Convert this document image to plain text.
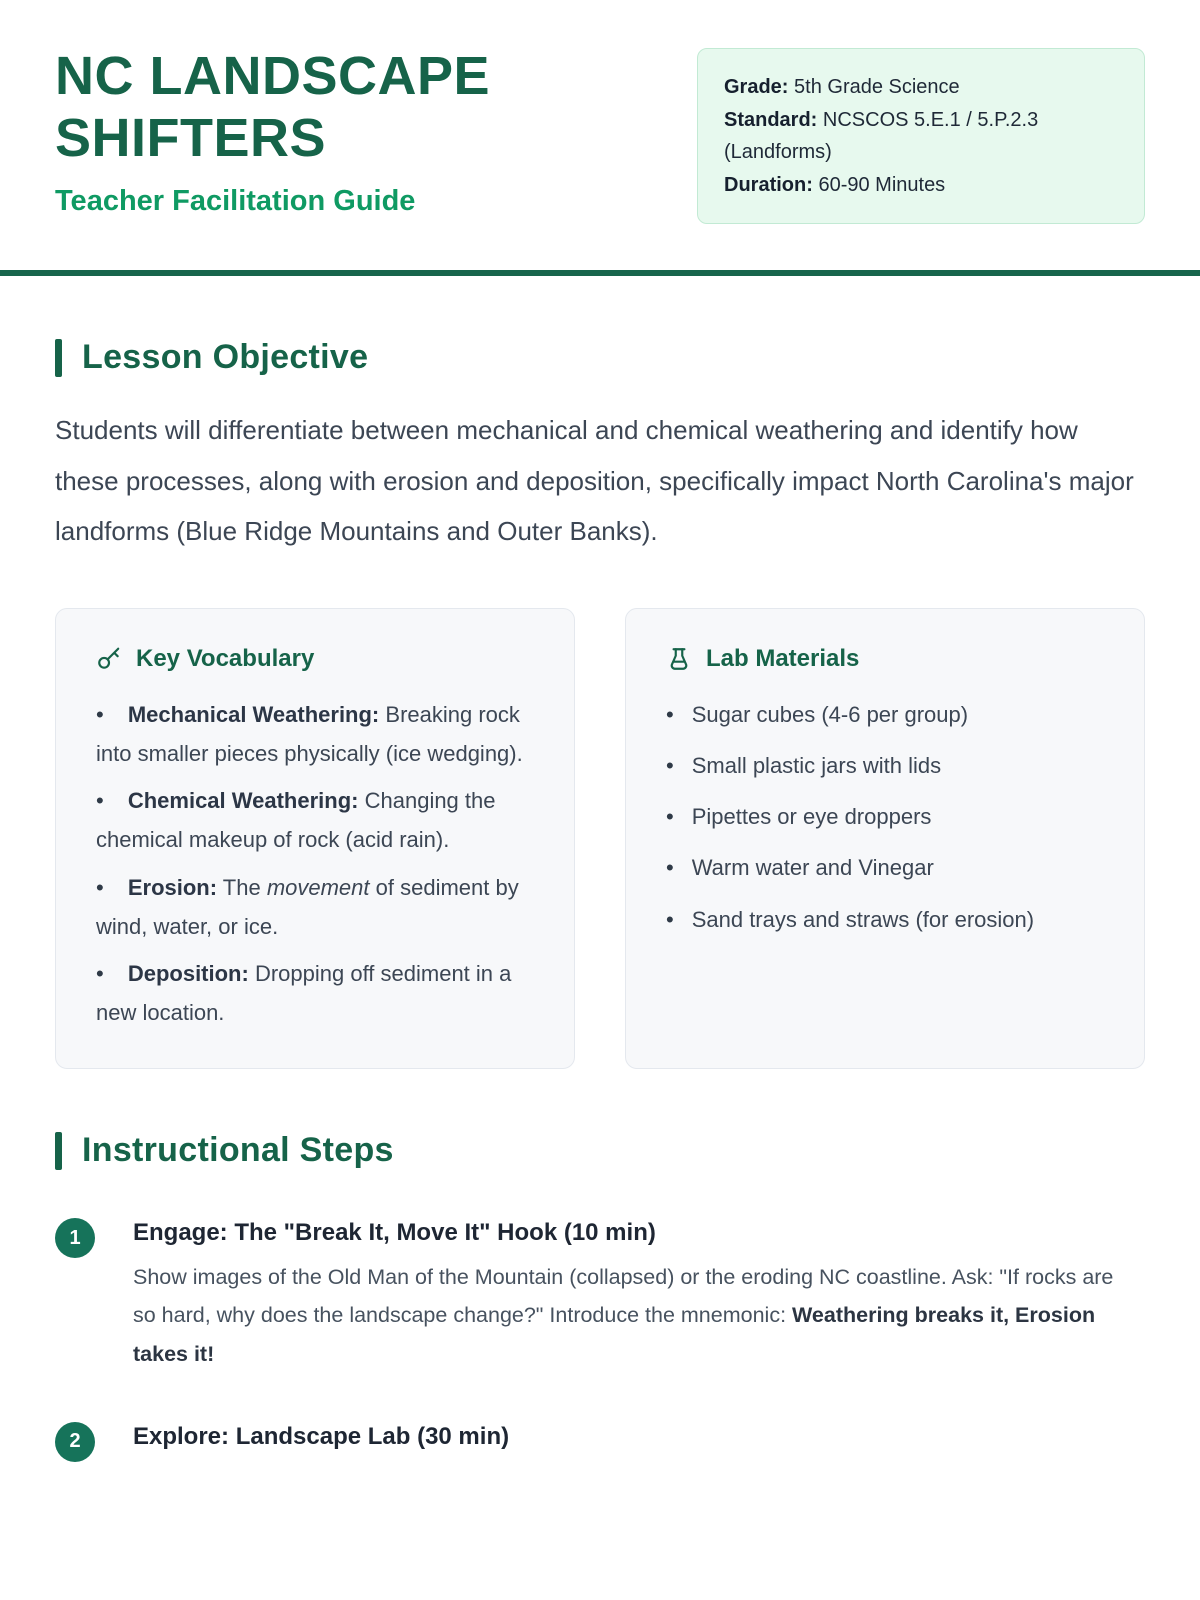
NC LANDSCAPE
SHIFTERS
Teacher Facilitation Guide
Grade: 5th Grade Science
Standard: NCSCOS 5.E.1 / 5.P.2.3 (Landforms)
Duration: 60-90 Minutes
Lesson Objective

Students will differentiate between mechanical and chemical weathering and identify how these processes, along with erosion and deposition, specifically impact North Carolina's major landforms (Blue Ridge Mountains and Outer Banks).

Key Vocabulary
• Mechanical Weathering: Breaking rock into smaller pieces physically (ice wedging).
• Chemical Weathering: Changing the chemical makeup of rock (acid rain).
• Erosion: The movement of sediment by wind, water, or ice.
• Deposition: Dropping off sediment in a new location.
Lab Materials
• Sugar cubes (4-6 per group)
• Small plastic jars with lids
• Pipettes or eye droppers
• Warm water and Vinegar
• Sand trays and straws (for erosion)
Instructional Steps
1	Engage: The "Break It, Move It" Hook (10 min)
Show images of the Old Man of the Mountain (collapsed) or the eroding NC coastline. Ask: "If rocks are so hard, why does the landscape change?" Introduce the mnemonic: Weathering breaks it, Erosion takes it!
2	Explore: Landscape Lab (30 min)
